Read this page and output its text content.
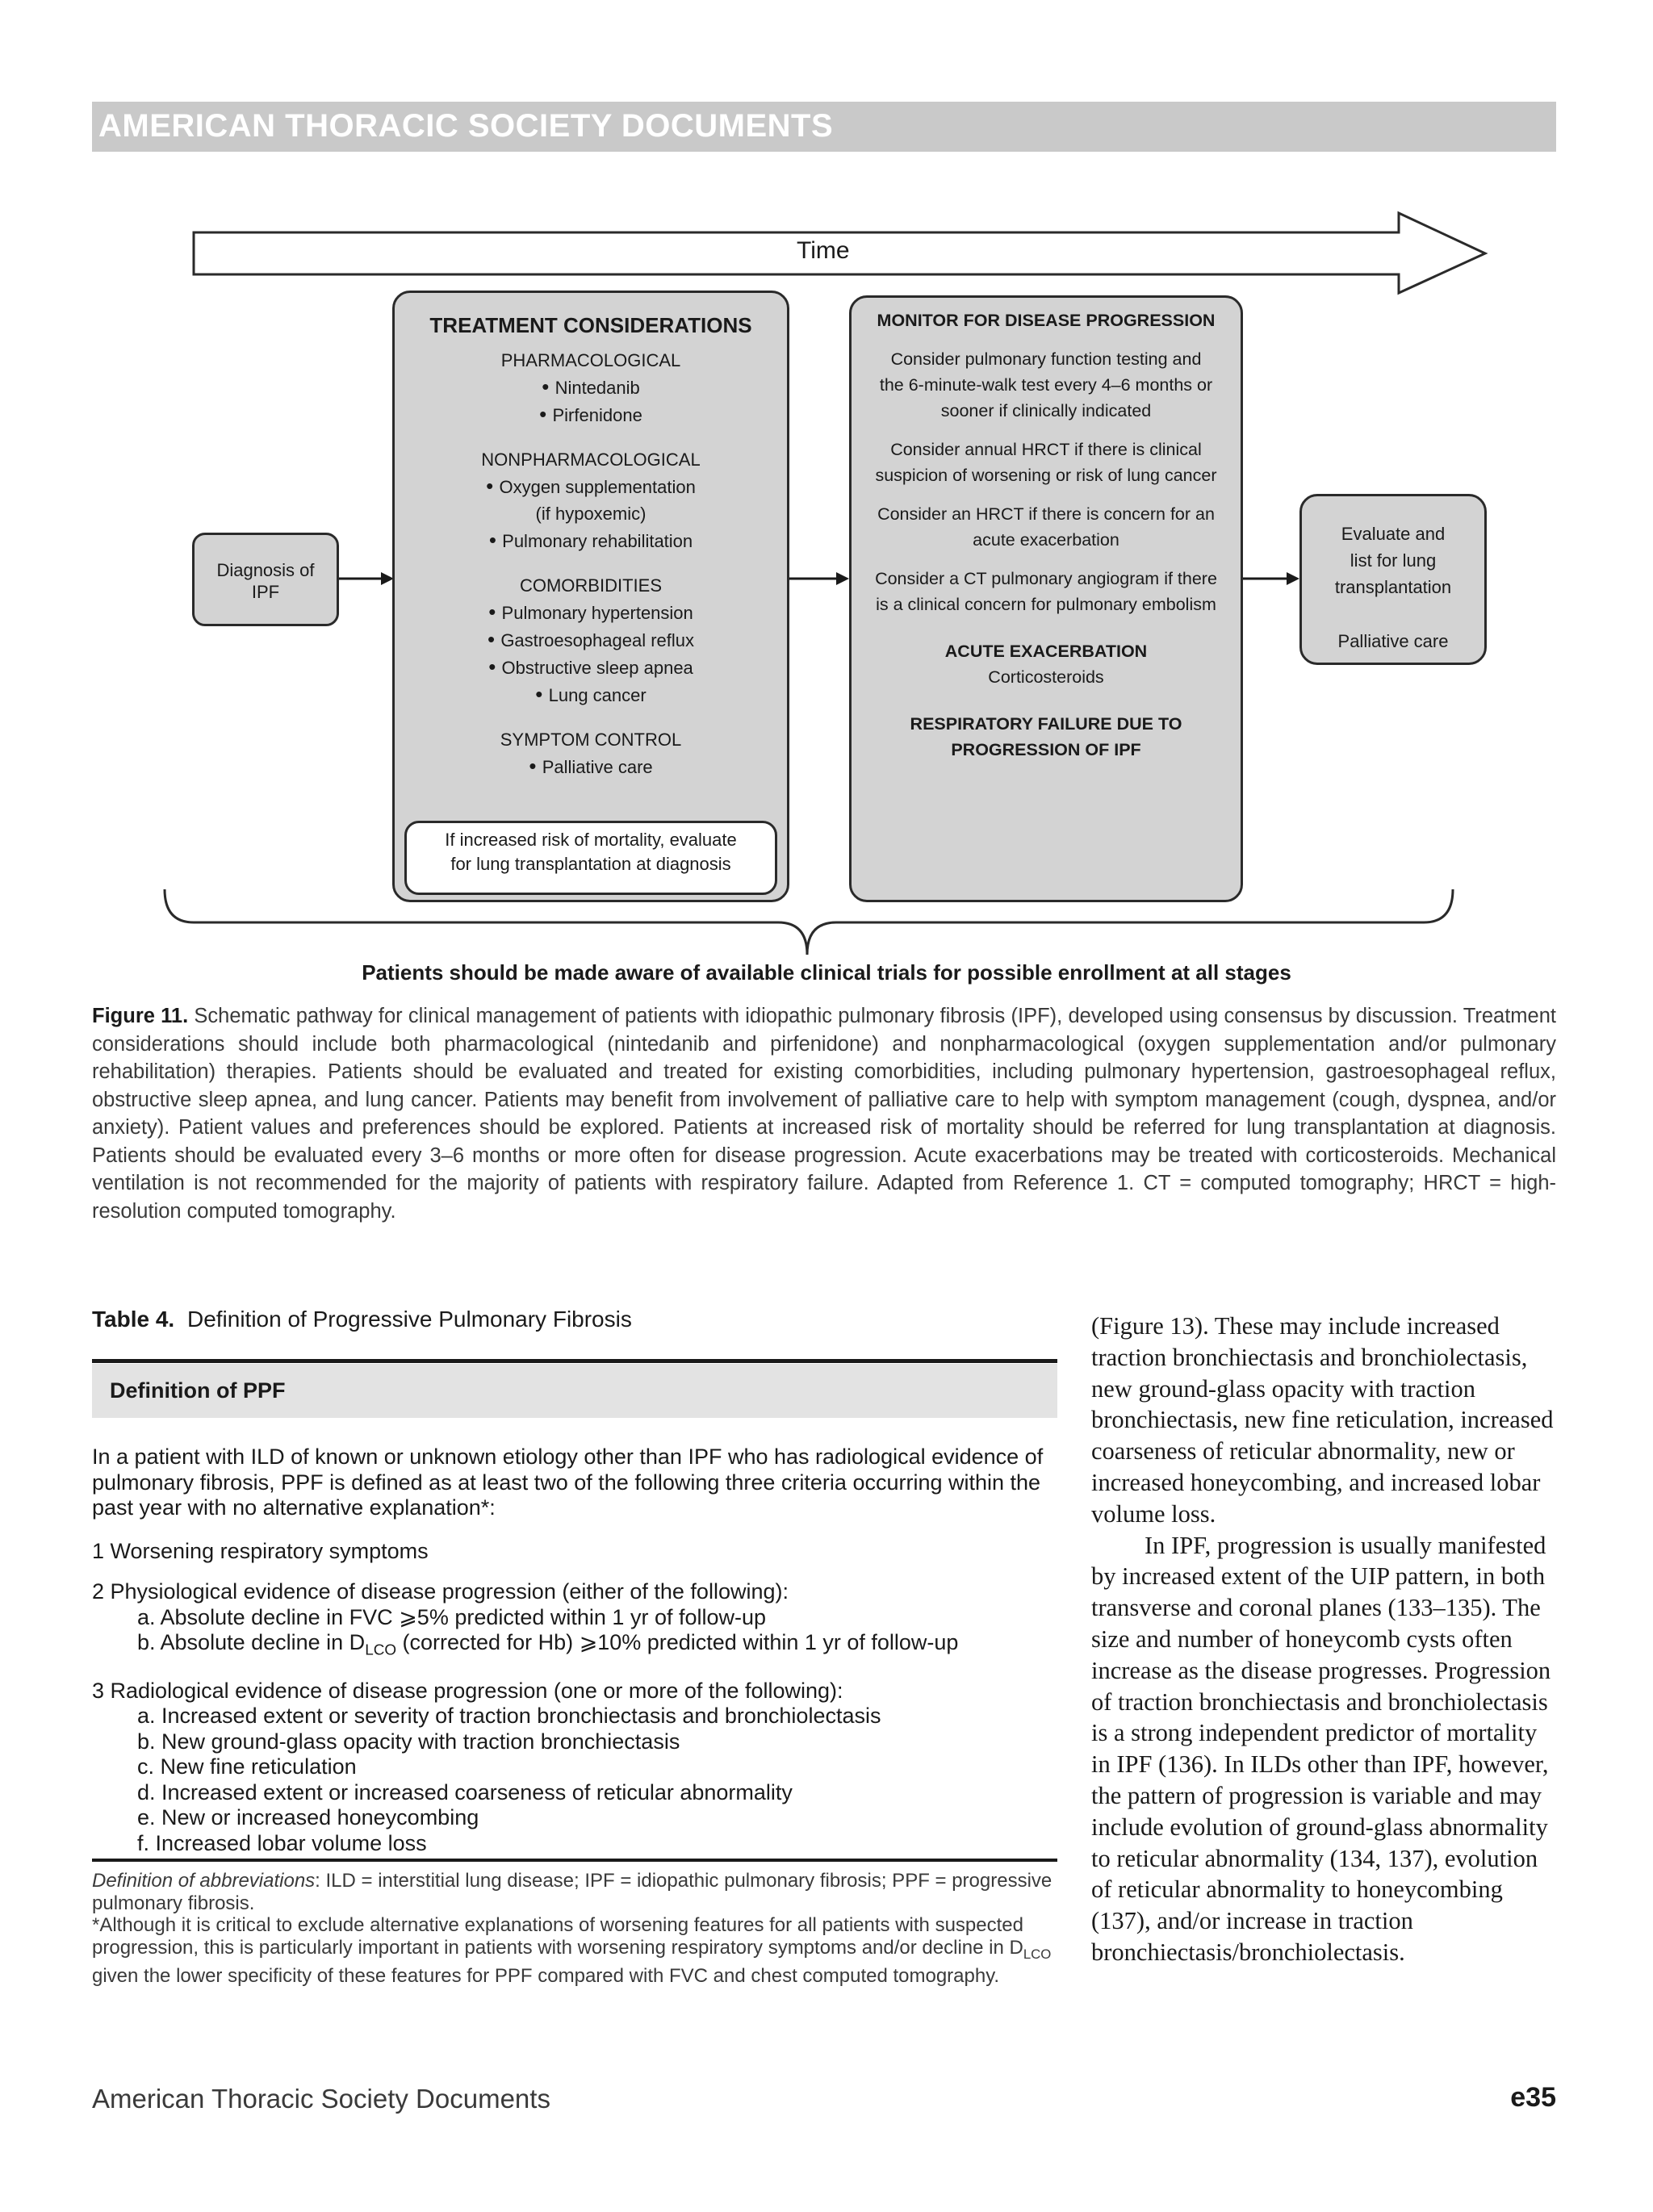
AMERICAN THORACIC SOCIETY DOCUMENTS
Time
Diagnosis of
IPF
TREATMENT CONSIDERATIONS
PHARMACOLOGICAL
• Nintedanib
• Pirfenidone
NONPHARMACOLOGICAL
• Oxygen supplementation
(if hypoxemic)
• Pulmonary rehabilitation
COMORBIDITIES
• Pulmonary hypertension
• Gastroesophageal reflux
• Obstructive sleep apnea
• Lung cancer
SYMPTOM CONTROL
• Palliative care
If increased risk of mortality, evaluate
for lung transplantation at diagnosis
MONITOR FOR DISEASE PROGRESSION

Consider pulmonary function testing and

the 6-minute-walk test every 4–6 months or

sooner if clinically indicated

Consider annual HRCT if there is clinical

suspicion of worsening or risk of lung cancer

Consider an HRCT if there is concern for an

acute exacerbation

Consider a CT pulmonary angiogram if there

is a clinical concern for pulmonary embolism

ACUTE EXACERBATION

Corticosteroids

RESPIRATORY FAILURE DUE TO

PROGRESSION OF IPF

Evaluate and
list for lung
transplantation
Palliative care
Patients should be made aware of available clinical trials for possible enrollment at all stages
Figure 11. Schematic pathway for clinical management of patients with idiopathic pulmonary fibrosis (IPF), developed using consensus by discussion. Treatment considerations should include both pharmacological (nintedanib and pirfenidone) and nonpharmacological (oxygen supplementation and/or pulmonary rehabilitation) therapies. Patients should be evaluated and treated for existing comorbidities, including pulmonary hypertension, gastroesophageal reflux, obstructive sleep apnea, and lung cancer. Patients may benefit from involvement of palliative care to help with symptom management (cough, dyspnea, and/or anxiety). Patient values and preferences should be explored. Patients at increased risk of mortality should be referred for lung transplantation at diagnosis. Patients should be evaluated every 3–6 months or more often for disease progression. Acute exacerbations may be treated with corticosteroids. Mechanical ventilation is not recommended for the majority of patients with respiratory failure. Adapted from Reference 1. CT = computed tomography; HRCT = high-resolution computed tomography.
Table 4. Definition of Progressive Pulmonary Fibrosis
Definition of PPF

In a patient with ILD of known or unknown etiology other than IPF who has radiological evidence of pulmonary fibrosis, PPF is defined as at least two of the following three criteria occurring within the past year with no alternative explanation*:

1 Worsening respiratory symptoms

2 Physiological evidence of disease progression (either of the following):
a. Absolute decline in FVC ⩾5% predicted within 1 yr of follow-up
b. Absolute decline in $D_{LCO}$ (corrected for Hb) ⩾10% predicted within 1 yr of follow-up
3 Radiological evidence of disease progression (one or more of the following):
a. Increased extent or severity of traction bronchiectasis and bronchiolectasis
b. New ground-glass opacity with traction bronchiectasis
c. New fine reticulation
d. Increased extent or increased coarseness of reticular abnormality
e. New or increased honeycombing
f. Increased lobar volume loss

Definition of abbreviations: ILD = interstitial lung disease; IPF = idiopathic pulmonary fibrosis; PPF = progressive pulmonary fibrosis.

*Although it is critical to exclude alternative explanations of worsening features for all patients with suspected progression, this is particularly important in patients with worsening respiratory symptoms and/or decline in $D_{LCO}$ given the lower specificity of these features for PPF compared with FVC and chest computed tomography.

(Figure 13). These may include increased traction bronchiectasis and bronchiolectasis, new ground-glass opacity with traction bronchiectasis, new fine reticulation, increased coarseness of reticular abnormality, new or increased honeycombing, and increased lobar volume loss.

In IPF, progression is usually manifested by increased extent of the UIP pattern, in both transverse and coronal planes (133–135). The size and number of honeycomb cysts often increase as the disease progresses. Progression of traction bronchiectasis and bronchiolectasis is a strong independent predictor of mortality in IPF (136). In ILDs other than IPF, however, the pattern of progression is variable and may include evolution of ground-glass abnormality to reticular abnormality (134, 137), evolution of reticular abnormality to honeycombing (137), and/or increase in traction bronchiectasis/bronchiolectasis.

American Thoracic Society Documents	e35
